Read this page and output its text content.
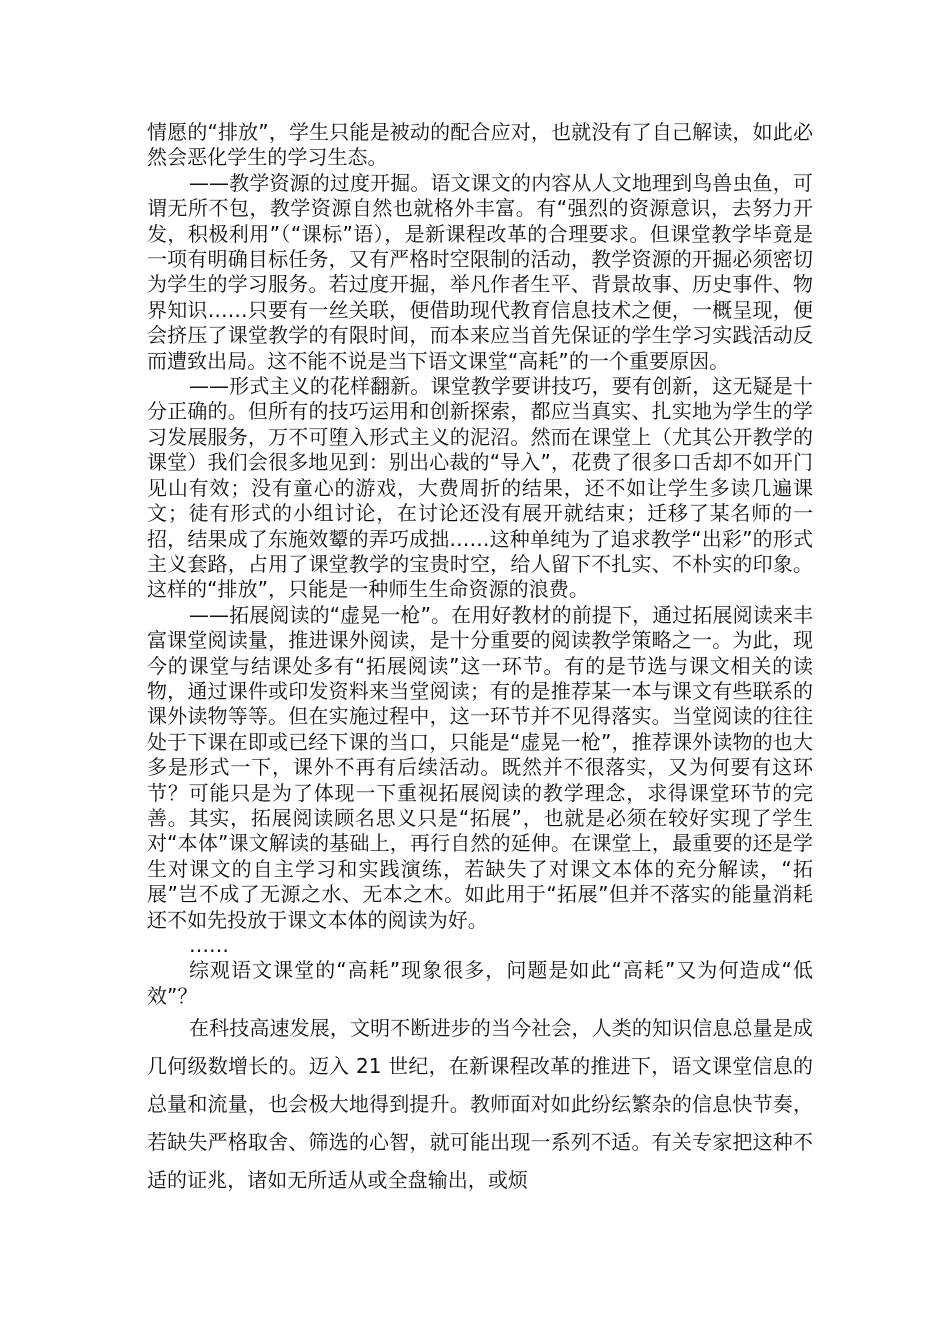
情愿的“排放”，学生只能是被动的配合应对，也就没有了自己解读，如此必然会恶化学生的学习生态。

——教学资源的过度开掘。语文课文的内容从人文地理到鸟兽虫鱼，可谓无所不包，教学资源自然也就格外丰富。有“强烈的资源意识，去努力开发，积极利用”（“课标”语），是新课程改革的合理要求。但课堂教学毕竟是一项有明确目标任务，又有严格时空限制的活动，教学资源的开掘必须密切为学生的学习服务。若过度开掘，举凡作者生平、背景故事、历史事件、物界知识……只要有一丝关联，便借助现代教育信息技术之便，一概呈现，便会挤压了课堂教学的有限时间，而本来应当首先保证的学生学习实践活动反而遭致出局。这不能不说是当下语文课堂“高耗”的一个重要原因。

——形式主义的花样翻新。课堂教学要讲技巧，要有创新，这无疑是十分正确的。但所有的技巧运用和创新探索，都应当真实、扎实地为学生的学习发展服务，万不可堕入形式主义的泥沼。然而在课堂上（尤其公开教学的课堂）我们会很多地见到：别出心裁的“导入”，花费了很多口舌却不如开门见山有效；没有童心的游戏，大费周折的结果，还不如让学生多读几遍课文；徒有形式的小组讨论，在讨论还没有展开就结束；迁移了某名师的一招，结果成了东施效颦的弄巧成拙……这种单纯为了追求教学“出彩”的形式主义套路，占用了课堂教学的宝贵时空，给人留下不扎实、不朴实的印象。这样的“排放”，只能是一种师生生命资源的浪费。

——拓展阅读的“虚晃一枪”。在用好教材的前提下，通过拓展阅读来丰富课堂阅读量，推进课外阅读，是十分重要的阅读教学策略之一。为此，现今的课堂与结课处多有“拓展阅读”这一环节。有的是节选与课文相关的读物，通过课件或印发资料来当堂阅读；有的是推荐某一本与课文有些联系的课外读物等等。但在实施过程中，这一环节并不见得落实。当堂阅读的往往处于下课在即或已经下课的当口，只能是“虚晃一枪”，推荐课外读物的也大多是形式一下，课外不再有后续活动。既然并不很落实，又为何要有这环节？可能只是为了体现一下重视拓展阅读的教学理念，求得课堂环节的完善。其实，拓展阅读顾名思义只是“拓展”，也就是必须在较好实现了学生对“本体”课文解读的基础上，再行自然的延伸。在课堂上，最重要的还是学生对课文的自主学习和实践演练，若缺失了对课文本体的充分解读，“拓展”岂不成了无源之水、无本之木。如此用于“拓展”但并不落实的能量消耗还不如先投放于课文本体的阅读为好。

……

综观语文课堂的“高耗”现象很多，问题是如此“高耗”又为何造成“低效”？

在科技高速发展，文明不断进步的当今社会，人类的知识信息总量是成几何级数增长的。迈入 21 世纪，在新课程改革的推进下，语文课堂信息的总量和流量，也会极大地得到提升。教师面对如此纷纭繁杂的信息快节奏，若缺失严格取舍、筛选的心智，就可能出现一系列不适。有关专家把这种不适的证兆，诸如无所适从或全盘输出，或烦
